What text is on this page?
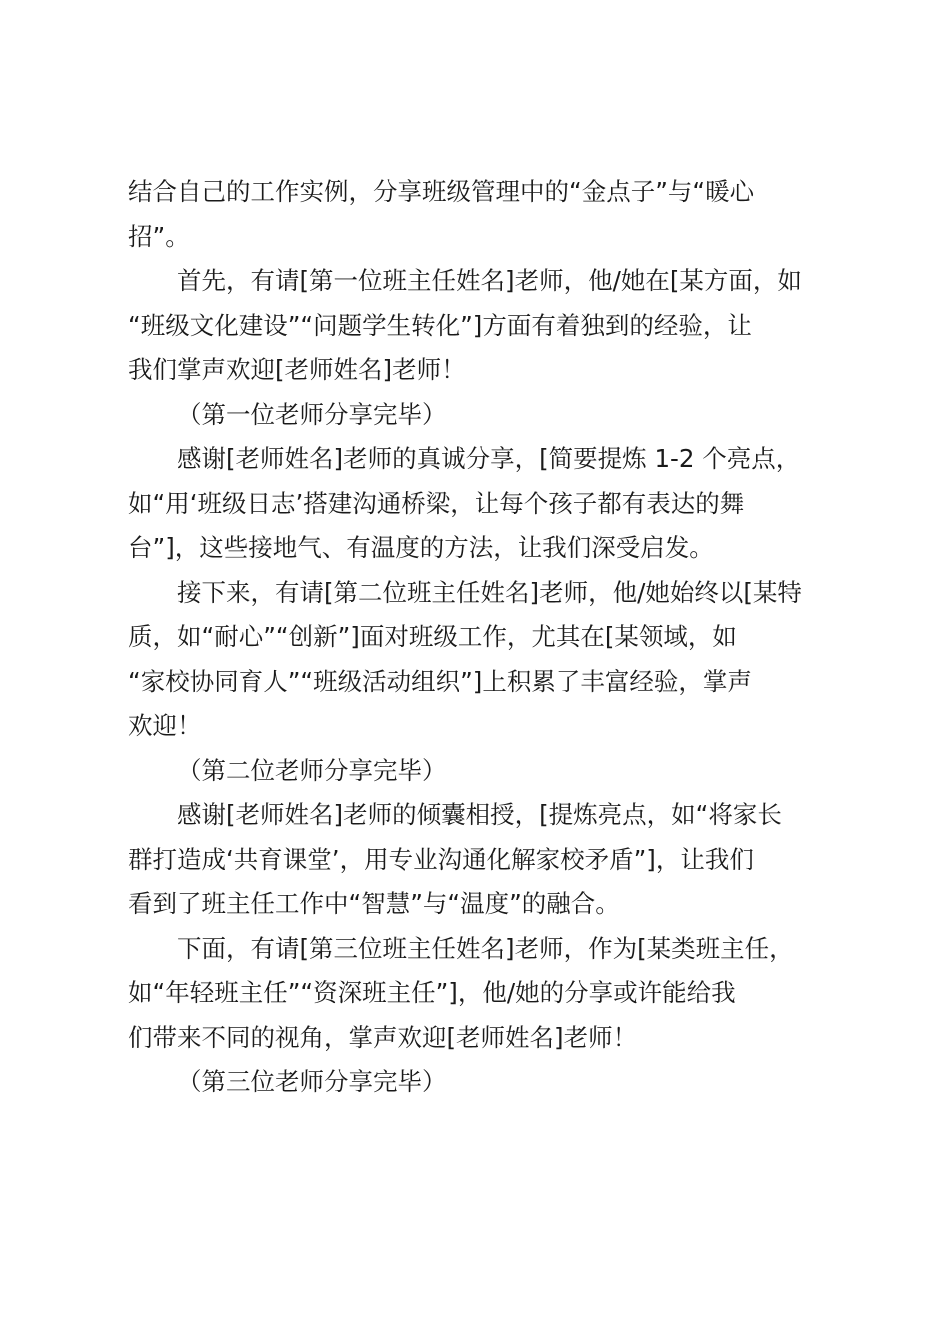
结合自己的工作实例，分享班级管理中的“金点子”与“暖心
招”。

首先，有请[第一位班主任姓名]老师，他/她在[某方面，如
“班级文化建设”“问题学生转化”]方面有着独到的经验，让
我们掌声欢迎[老师姓名]老师！

（第一位老师分享完毕）

感谢[老师姓名]老师的真诚分享，[简要提炼 1-2 个亮点，
如“用‘班级日志’搭建沟通桥梁，让每个孩子都有表达的舞
台”]，这些接地气、有温度的方法，让我们深受启发。

接下来，有请[第二位班主任姓名]老师，他/她始终以[某特
质，如“耐心”“创新”]面对班级工作，尤其在[某领域，如
“家校协同育人”“班级活动组织”]上积累了丰富经验，掌声
欢迎！

（第二位老师分享完毕）

感谢[老师姓名]老师的倾囊相授，[提炼亮点，如“将家长
群打造成‘共育课堂’，用专业沟通化解家校矛盾”]，让我们
看到了班主任工作中“智慧”与“温度”的融合。

下面，有请[第三位班主任姓名]老师，作为[某类班主任，
如“年轻班主任”“资深班主任”]，他/她的分享或许能给我
们带来不同的视角，掌声欢迎[老师姓名]老师！

（第三位老师分享完毕）
